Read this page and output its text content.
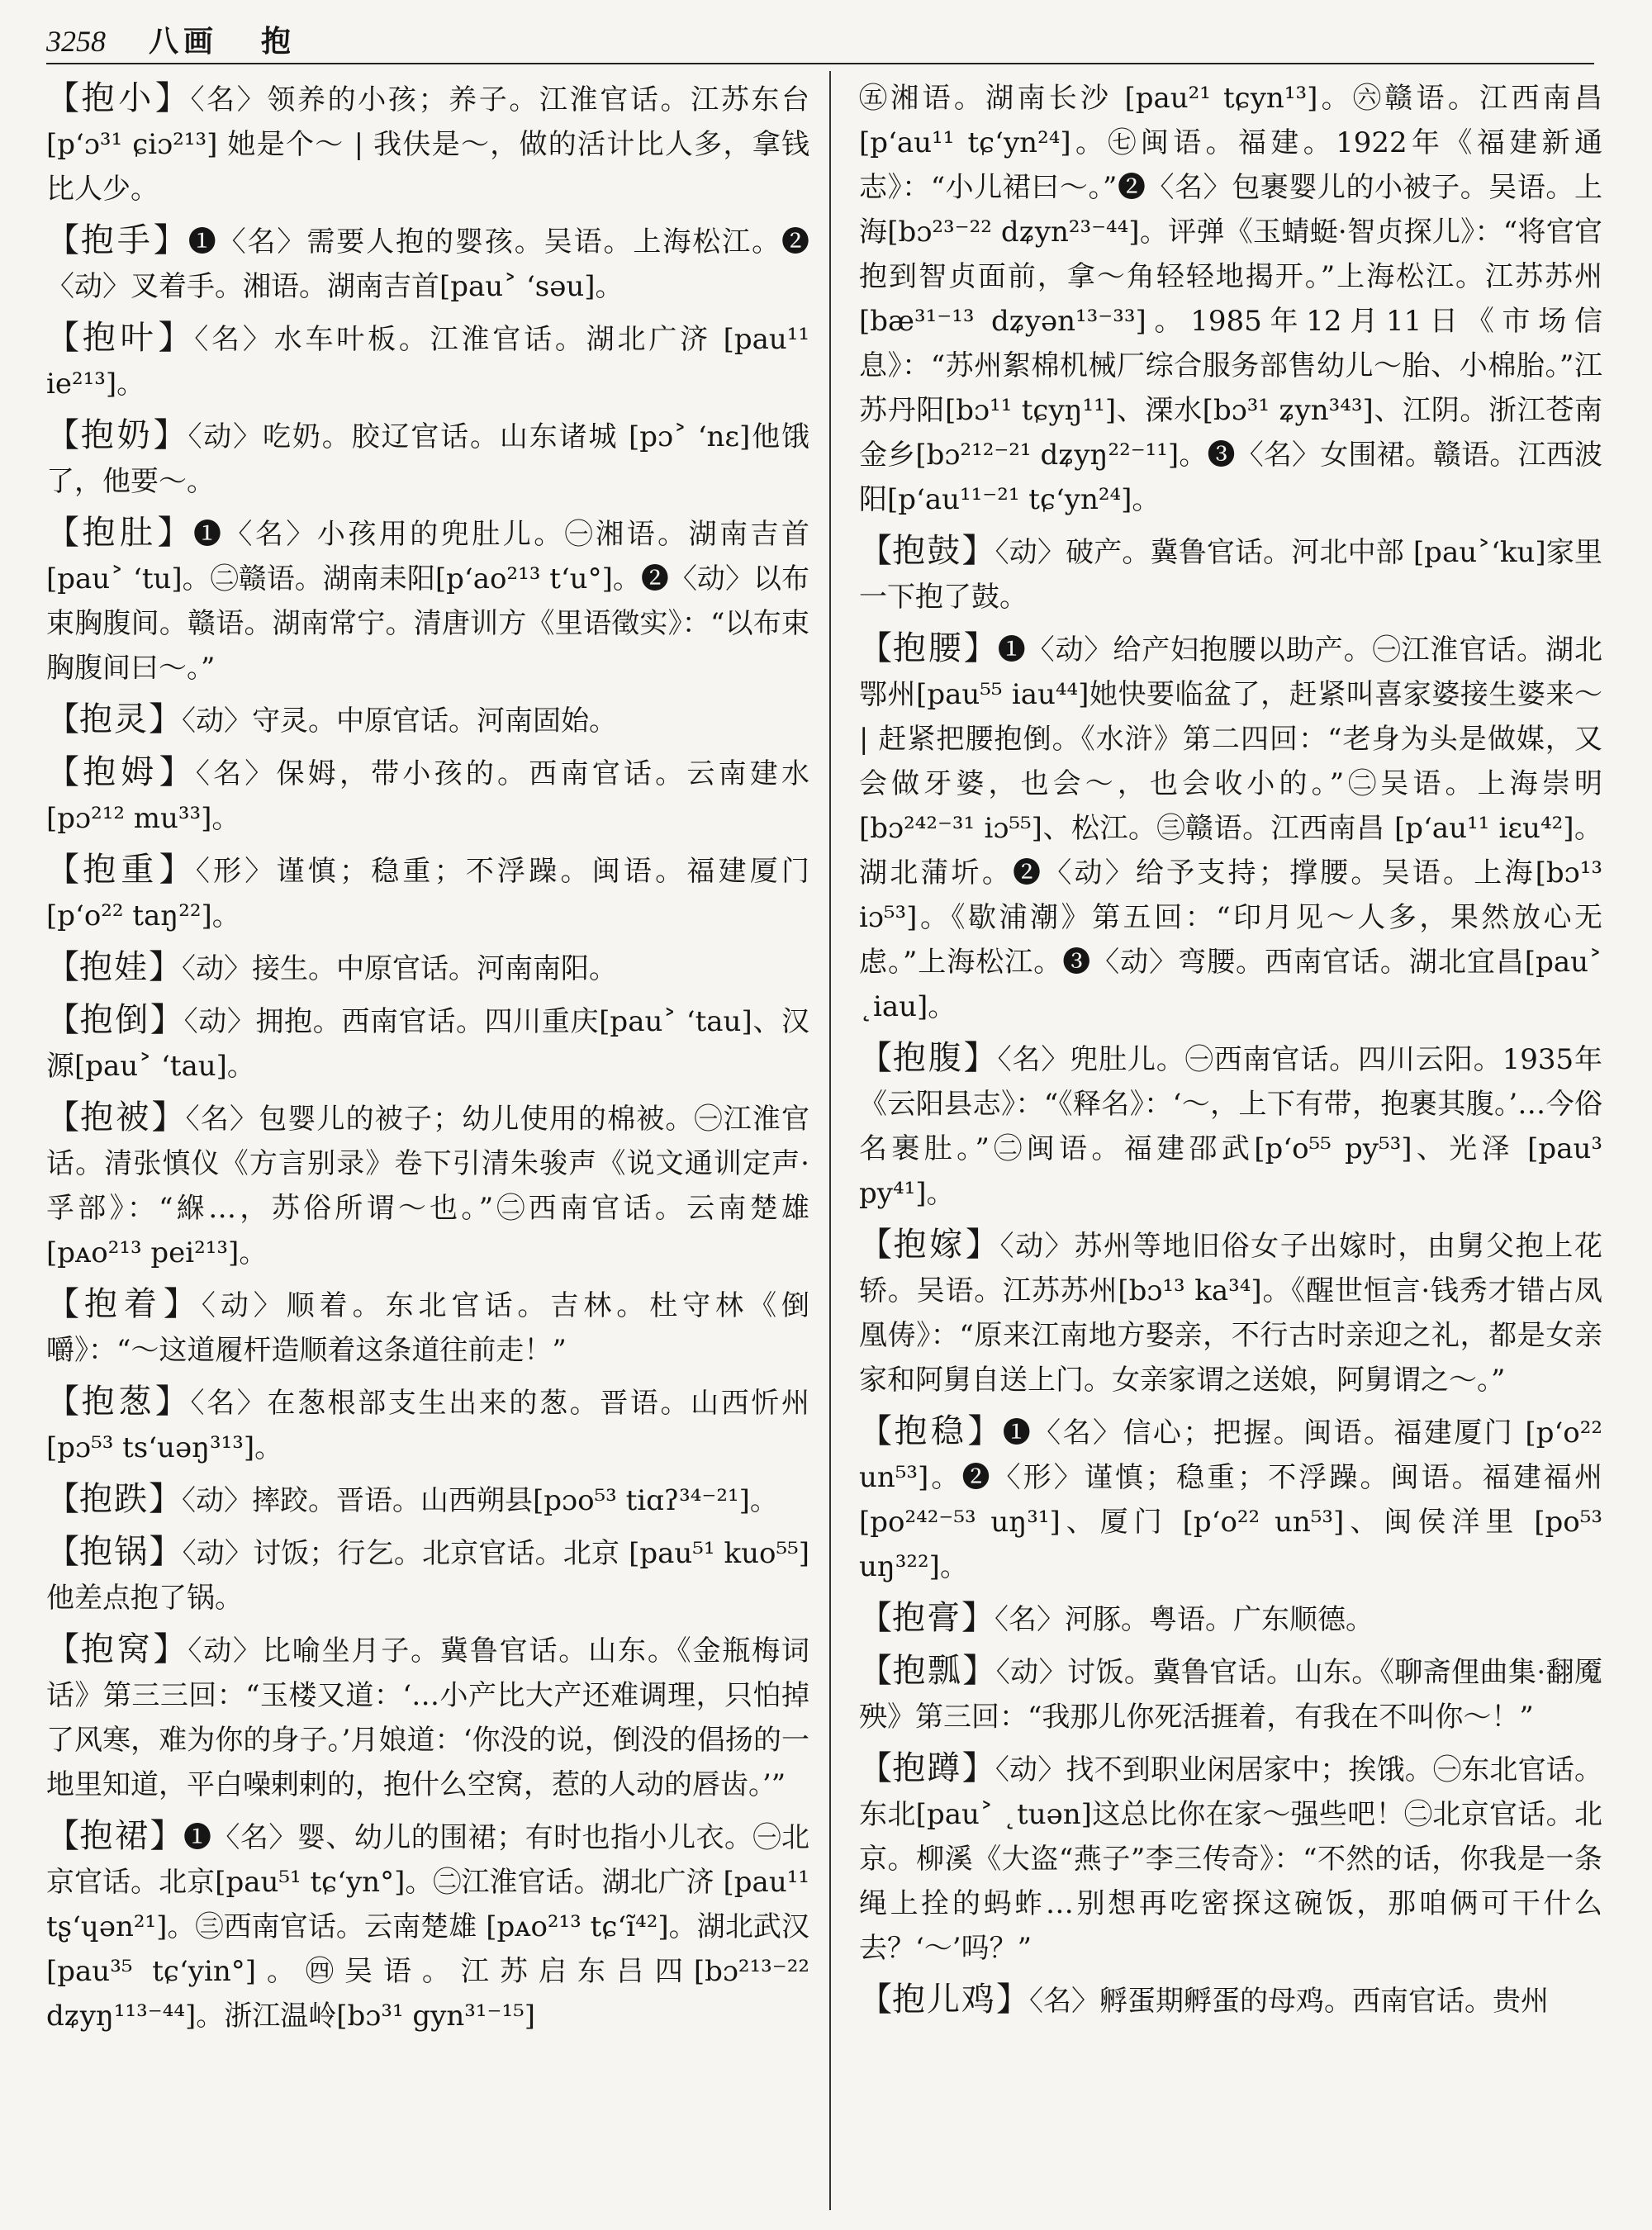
3258 八画 抱

【抱小】〈名〉领养的小孩；养子。江淮官话。江苏东台 [p‘ɔ³¹ ɕiɔ²¹³] 她是个～ | 我伕是～，做的活计比人多，拿钱比人少。

【抱手】❶〈名〉需要人抱的婴孩。吴语。上海松江。❷〈动〉叉着手。湘语。湖南吉首[pau˃ ‘sәu]。

【抱叶】〈名〉水车叶板。江淮官话。湖北广济 [pau¹¹ ie²¹³]。

【抱奶】〈动〉吃奶。胶辽官话。山东诸城 [pɔ˃ ‘nɛ]他饿了，他要～。

【抱肚】❶〈名〉小孩用的兜肚儿。㊀湘语。湖南吉首 [pau˃ ‘tu]。㊁赣语。湖南耒阳[p‘ao²¹³ t‘u°]。❷〈动〉以布束胸腹间。赣语。湖南常宁。清唐训方《里语徵实》：“以布束胸腹间曰～。”

【抱灵】〈动〉守灵。中原官话。河南固始。

【抱姆】〈名〉保姆，带小孩的。西南官话。云南建水 [pɔ²¹² mu³³]。

【抱重】〈形〉谨慎；稳重；不浮躁。闽语。福建厦门 [p‘o²² taŋ²²]。

【抱娃】〈动〉接生。中原官话。河南南阳。

【抱倒】〈动〉拥抱。西南官话。四川重庆[pau˃ ‘tau]、汉源[pau˃ ‘tau]。

【抱被】〈名〉包婴儿的被子；幼儿使用的棉被。㊀江淮官话。清张慎仪《方言别录》卷下引清朱骏声《说文通训定声·孚部》：“緥…，苏俗所谓～也。”㊁西南官话。云南楚雄[pᴀo²¹³ pei²¹³]。

【抱着】〈动〉顺着。东北官话。吉林。杜守林《倒嚼》：“～这道履杆造顺着这条道往前走！”

【抱葱】〈名〉在葱根部支生出来的葱。晋语。山西忻州[pɔ⁵³ ts‘uәŋ³¹³]。

【抱跌】〈动〉摔跤。晋语。山西朔县[pɔo⁵³ tiɑʔ³⁴⁻²¹]。

【抱锅】〈动〉讨饭；行乞。北京官话。北京 [pau⁵¹ kuo⁵⁵]他差点抱了锅。

【抱窝】〈动〉比喻坐月子。冀鲁官话。山东。《金瓶梅词话》第三三回：“玉楼又道：‘…小产比大产还难调理，只怕掉了风寒，难为你的身子。’月娘道：‘你没的说，倒没的倡扬的一地里知道，平白噪剌剌的，抱什么空窝，惹的人动的唇齿。’”

【抱裙】❶〈名〉婴、幼儿的围裙；有时也指小儿衣。㊀北京官话。北京[pau⁵¹ tɕ‘yn°]。㊁江淮官话。湖北广济 [pau¹¹ tʂ‘ɥәn²¹]。㊂西南官话。云南楚雄 [pᴀo²¹³ tɕ‘ĩ⁴²]。湖北武汉[pau³⁵ tɕ‘yin°]。㊃吴语。江苏启东吕四[bɔ²¹³⁻²² dʑyŋ¹¹³⁻⁴⁴]。浙江温岭[bɔ³¹ gyn³¹⁻¹⁵]

㊄湘语。湖南长沙 [pau²¹ tɕyn¹³]。㊅赣语。江西南昌 [p‘au¹¹ tɕ‘yn²⁴]。㊆闽语。福建。1922年《福建新通志》：“小儿裙曰～。”❷〈名〉包裹婴儿的小被子。吴语。上海[bɔ²³⁻²² dʑyn²³⁻⁴⁴]。评弹《玉蜻蜓·智贞探儿》：“将官官抱到智贞面前，拿～角轻轻地揭开。”上海松江。江苏苏州[bæ³¹⁻¹³ dʑyәn¹³⁻³³]。1985年12月11日《市场信息》：“苏州絮棉机械厂综合服务部售幼儿～胎、小棉胎。”江苏丹阳[bɔ¹¹ tɕyŋ¹¹]、溧水[bɔ³¹ ʑyn³⁴³]、江阴。浙江苍南金乡[bɔ²¹²⁻²¹ dʑyŋ²²⁻¹¹]。❸〈名〉女围裙。赣语。江西波阳[p‘au¹¹⁻²¹ tɕ‘yn²⁴]。

【抱鼓】〈动〉破产。冀鲁官话。河北中部 [pau˃‘ku]家里一下抱了鼓。

【抱腰】❶〈动〉给产妇抱腰以助产。㊀江淮官话。湖北鄂州[pau⁵⁵ iau⁴⁴]她快要临盆了，赶紧叫喜家婆接生婆来～ | 赶紧把腰抱倒。《水浒》第二四回：“老身为头是做媒，又会做牙婆，也会～，也会收小的。”㊁吴语。上海崇明 [bɔ²⁴²⁻³¹ iɔ⁵⁵]、松江。㊂赣语。江西南昌 [p‘au¹¹ iɛu⁴²]。湖北蒲圻。❷〈动〉给予支持；撑腰。吴语。上海[bɔ¹³ iɔ⁵³]。《歇浦潮》第五回：“印月见～人多，果然放心无虑。”上海松江。❸〈动〉弯腰。西南官话。湖北宜昌[pau˃ ˛iau]。

【抱腹】〈名〉兜肚儿。㊀西南官话。四川云阳。1935年《云阳县志》：“《释名》：‘～，上下有带，抱裹其腹。’…今俗名裹肚。”㊁闽语。福建邵武[p‘o⁵⁵ py⁵³]、光泽 [pau³ py⁴¹]。

【抱嫁】〈动〉苏州等地旧俗女子出嫁时，由舅父抱上花轿。吴语。江苏苏州[bɔ¹³ ka³⁴]。《醒世恒言·钱秀才错占凤凰俦》：“原来江南地方娶亲，不行古时亲迎之礼，都是女亲家和阿舅自送上门。女亲家谓之送娘，阿舅谓之～。”

【抱稳】❶〈名〉信心；把握。闽语。福建厦门 [p‘o²² un⁵³]。❷〈形〉谨慎；稳重；不浮躁。闽语。福建福州[po²⁴²⁻⁵³ uŋ³¹]、厦门 [p‘o²² un⁵³]、闽侯洋里 [po⁵³ uŋ³²²]。

【抱膏】〈名〉河豚。粤语。广东顺德。

【抱瓢】〈动〉讨饭。冀鲁官话。山东。《聊斋俚曲集·翻魇殃》第三回：“我那儿你死活捱着，有我在不叫你～！”

【抱蹲】〈动〉找不到职业闲居家中；挨饿。㊀东北官话。东北[pau˃ ˛tuәn]这总比你在家～强些吧！㊁北京官话。北京。柳溪《大盗“燕子”李三传奇》：“不然的话，你我是一条绳上拴的蚂蚱…别想再吃密探这碗饭，那咱俩可干什么去？‘～’吗？”

【抱儿鸡】〈名〉孵蛋期孵蛋的母鸡。西南官话。贵州
